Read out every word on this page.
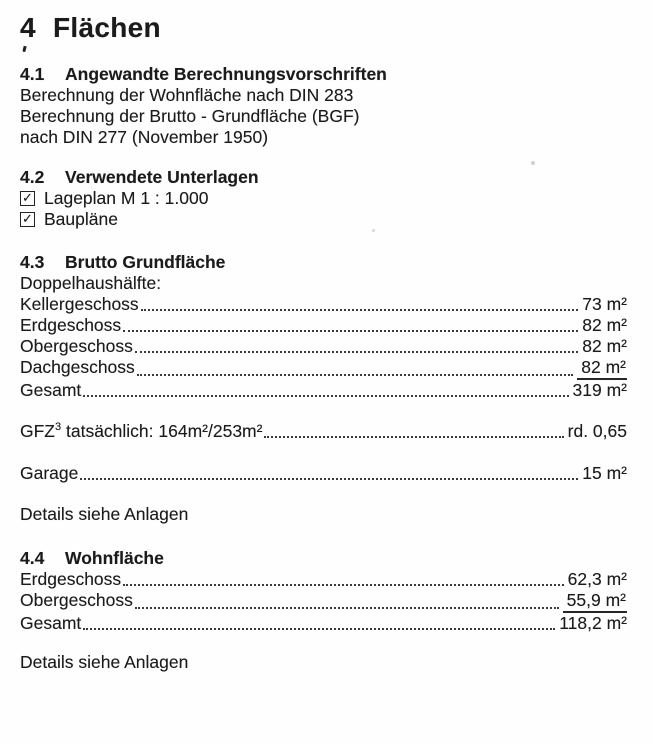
4 Flächen
4.1 Angewandte Berechnungsvorschriften
Berechnung der Wohnfläche nach DIN 283
Berechnung der Brutto - Grundfläche (BGF)
nach DIN 277 (November 1950)
4.2 Verwendete Unterlagen
✓ Lageplan M 1 : 1.000
✓ Baupläne
4.3 Brutto Grundfläche
Doppelhaushälfte:
Kellergeschoss	73 m²
Erdgeschoss	82 m²
Obergeschoss	82 m²
Dachgeschoss	82 m²
Gesamt	319 m²
GFZ$^3$ tatsächlich: 164m²/253m²	rd. 0,65
Garage	15 m²
Details siehe Anlagen
4.4 Wohnfläche
Erdgeschoss	62,3 m²
Obergeschoss	55,9 m²
Gesamt	118,2 m²
Details siehe Anlagen
